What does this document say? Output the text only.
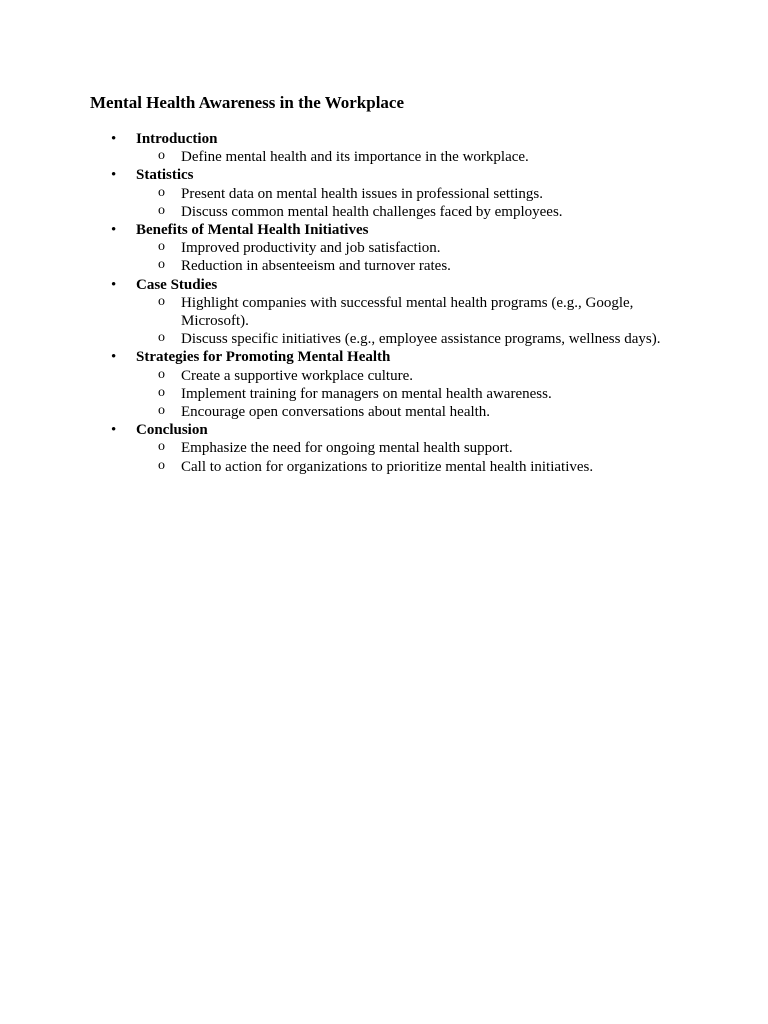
Mental Health Awareness in the Workplace
•	Introduction
o Define mental health and its importance in the workplace.
•	Statistics
o Present data on mental health issues in professional settings.
o Discuss common mental health challenges faced by employees.
•	Benefits of Mental Health Initiatives
o Improved productivity and job satisfaction.
o Reduction in absenteeism and turnover rates.
•	Case Studies
o Highlight companies with successful mental health programs (e.g., Google, Microsoft).
o Discuss specific initiatives (e.g., employee assistance programs, wellness days).
•	Strategies for Promoting Mental Health
o Create a supportive workplace culture.
o Implement training for managers on mental health awareness.
o Encourage open conversations about mental health.
•	Conclusion
o Emphasize the need for ongoing mental health support.
o Call to action for organizations to prioritize mental health initiatives.
